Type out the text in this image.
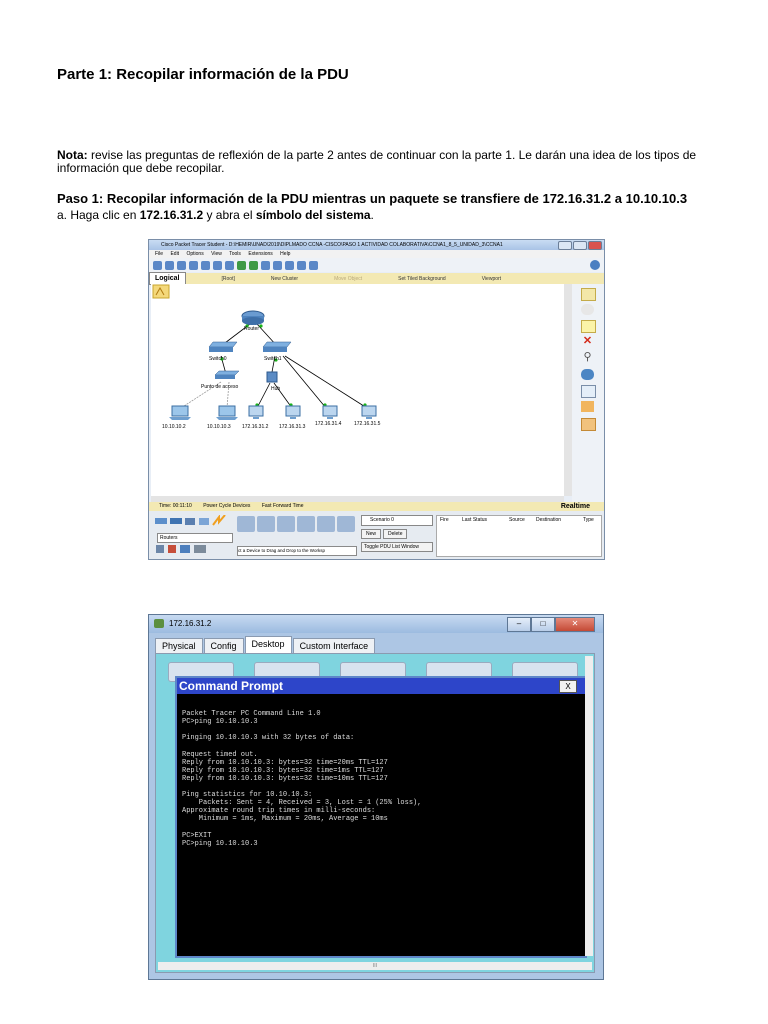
Parte 1: Recopilar información de la PDU
Nota: revise las preguntas de reflexión de la parte 2 antes de continuar con la parte 1. Le darán una idea de los tipos de información que debe recopilar.
Paso 1: Recopilar información de la PDU mientras un paquete se transfiere de 172.16.31.2 a 10.10.10.3
a. Haga clic en 172.16.31.2 y abra el símbolo del sistema.
Cisco Packet Tracer Student - D:\HEMIR\UNAD\2019\DIPLMADO CCNA -CISCO\PASO 1 ACTIVIDAD COLABORATIVA\CCNA1_8_5_UNIDAD_3\CCNA1
File Edit Options View Tools Extensions Help
Logical	[Root]	New Cluster	Move Object	Set Tiled Background	Viewport
Router
Switch0	Switch1
Punto de acceso	Hub
10.10.10.2	10.10.10.3 172.16.31.2 172.16.31.3 172.16.31.4	172.16.31.5
✕
⚲
Time: 00:11:10 Power Cycle Devices Fast Forward Time	Realtime
Routers
ct a Device to Drag and Drop to the Worksp
Scenario 0
New	Delete
Toggle PDU List Window
Fire	Last Status	Source Destination	Type
172.16.31.2	–	□	✕
Physical	Config	Desktop	Custom Interface
Command Prompt	X

Packet Tracer PC Command Line 1.0
PC>ping 10.10.10.3

Pinging 10.10.10.3 with 32 bytes of data:

Request timed out.
Reply from 10.10.10.3: bytes=32 time=20ms TTL=127
Reply from 10.10.10.3: bytes=32 time=1ms TTL=127
Reply from 10.10.10.3: bytes=32 time=10ms TTL=127

Ping statistics for 10.10.10.3:
Packets: Sent = 4, Received = 3, Lost = 1 (25% loss),
Approximate round trip times in milli-seconds:
Minimum = 1ms, Maximum = 20ms, Average = 10ms

PC>EXIT
PC>ping 10.10.10.3

III
